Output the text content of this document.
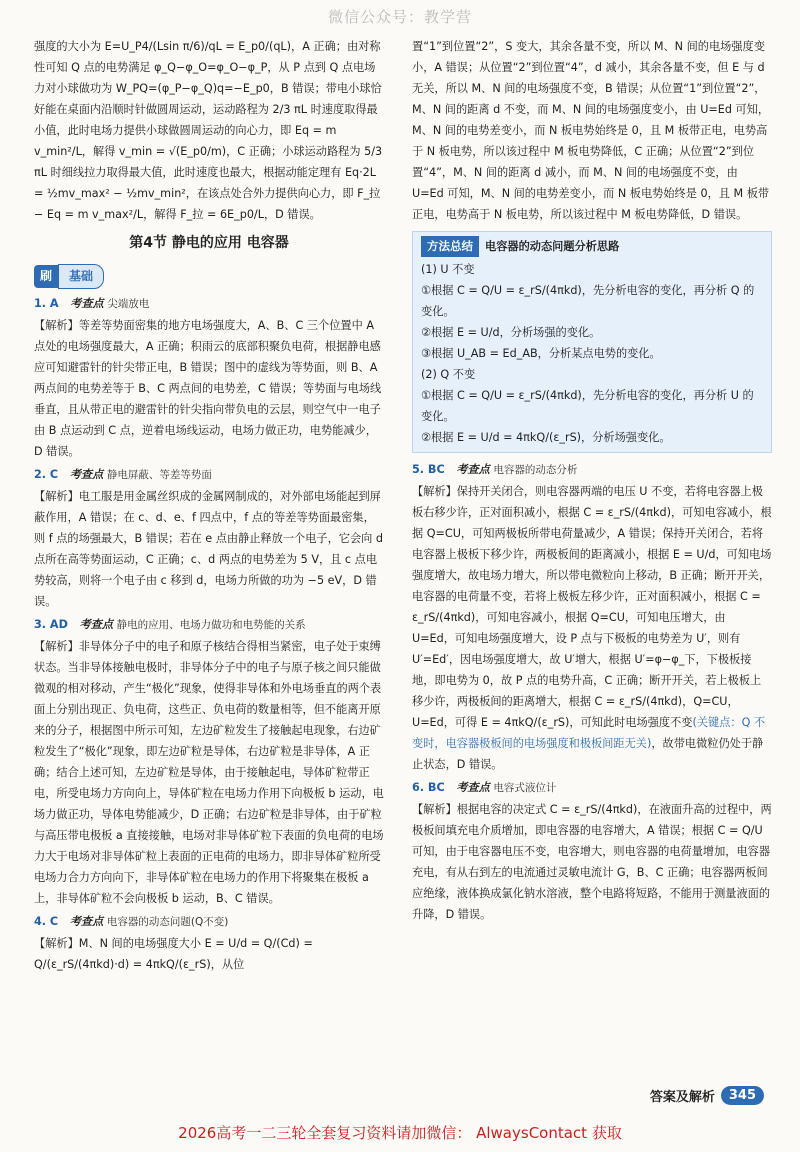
微信公众号：教学营

强度的大小为 E=U_P4/(Lsin π/6)/qL = E_p0/(qL)，A 正确；由对称性可知 Q 点的电势满足 φ_Q−φ_O=φ_O−φ_P，从 P 点到 Q 点电场力对小球做功为 W_PQ=(φ_P−φ_Q)q=−E_p0，B 错误；带电小球恰好能在桌面内沿顺时针做圆周运动，运动路程为 2/3 πL 时速度取得最小值，此时电场力提供小球做圆周运动的向心力，即 Eq = m v_min²/L，解得 v_min = √(E_p0/m)，C 正确；小球运动路程为 5/3 πL 时细线拉力取得最大值，此时速度也最大，根据动能定理有 Eq·2L = ½mv_max² − ½mv_min²，在该点处合外力提供向心力，即 F_拉 − Eq = m v_max²/L，解得 F_拉 = 6E_p0/L，D 错误。

第4节 静电的应用 电容器
刷	基础
1. A 考查点 尖端放电

【解析】等差等势面密集的地方电场强度大，A、B、C 三个位置中 A 点处的电场强度最大，A 正确；积雨云的底部积聚负电荷，根据静电感应可知避雷针的针尖带正电，B 错误；图中的虚线为等势面，则 B、A 两点间的电势差等于 B、C 两点间的电势差，C 错误；等势面与电场线垂直，且从带正电的避雷针的针尖指向带负电的云层，则空气中一电子由 B 点运动到 C 点，逆着电场线运动，电场力做正功，电势能减少，D 错误。

2. C 考查点 静电屏蔽、等差等势面

【解析】电工服是用金属丝织成的金属网制成的，对外部电场能起到屏蔽作用，A 错误；在 c、d、e、f 四点中，f 点的等差等势面最密集，则 f 点的场强最大，B 错误；若在 e 点由静止释放一个电子，它会向 d 点所在高等势面运动，C 正确；c、d 两点的电势差为 5 V，且 c 点电势较高，则将一个电子由 c 移到 d，电场力所做的功为 −5 eV，D 错误。

3. AD 考查点 静电的应用、电场力做功和电势能的关系

【解析】非导体分子中的电子和原子核结合得相当紧密，电子处于束缚状态。当非导体接触电极时，非导体分子中的电子与原子核之间只能做微观的相对移动，产生“极化”现象，使得非导体和外电场垂直的两个表面上分别出现正、负电荷，这些正、负电荷的数量相等，但不能离开原来的分子，根据图中所示可知，左边矿粒发生了接触起电现象，右边矿粒发生了“极化”现象，即左边矿粒是导体，右边矿粒是非导体，A 正确；结合上述可知，左边矿粒是导体，由于接触起电，导体矿粒带正电，所受电场力方向向上，导体矿粒在电场力作用下向极板 b 运动，电场力做正功，导体电势能减少，D 正确；右边矿粒是非导体，由于矿粒与高压带电极板 a 直接接触，电场对非导体矿粒下表面的负电荷的电场力大于电场对非导体矿粒上表面的正电荷的电场力，即非导体矿粒所受电场力合力方向向下，非导体矿粒在电场力的作用下将聚集在极板 a 上，非导体矿粒不会向极板 b 运动，B、C 错误。

4. C 考查点 电容器的动态问题(Q不变)

【解析】M、N 间的电场强度大小 E = U/d = Q/(Cd) = Q/(ε_rS/(4πkd)·d) = 4πkQ/(ε_rS)，从位

置“1”到位置“2”，S 变大，其余各量不变，所以 M、N 间的电场强度变小，A 错误；从位置“2”到位置“4”，d 减小，其余各量不变，但 E 与 d 无关，所以 M、N 间的电场强度不变，B 错误；从位置“1”到位置“2”，M、N 间的距离 d 不变，而 M、N 间的电场强度变小，由 U=Ed 可知，M、N 间的电势差变小，而 N 板电势始终是 0，且 M 板带正电，电势高于 N 板电势，所以该过程中 M 板电势降低，C 正确；从位置“2”到位置“4”，M、N 间的距离 d 减小，而 M、N 间的电场强度不变，由 U=Ed 可知，M、N 间的电势差变小，而 N 板电势始终是 0，且 M 板带正电，电势高于 N 板电势，所以该过程中 M 板电势降低，D 错误。

方法总结	电容器的动态问题分析思路
(1) U 不变
①根据 C = Q/U = ε_rS/(4πkd)，先分析电容的变化，再分析 Q 的变化。
②根据 E = U/d，分析场强的变化。
③根据 U_AB = Ed_AB，分析某点电势的变化。
(2) Q 不变
①根据 C = Q/U = ε_rS/(4πkd)，先分析电容的变化，再分析 U 的变化。
②根据 E = U/d = 4πkQ/(ε_rS)，分析场强变化。
5. BC 考查点 电容器的动态分析

【解析】保持开关闭合，则电容器两端的电压 U 不变，若将电容器上极板右移少许，正对面积减小，根据 C = ε_rS/(4πkd)，可知电容减小，根据 Q=CU，可知两极板所带电荷量减少，A 错误；保持开关闭合，若将电容器上极板下移少许，两极板间的距离减小，根据 E = U/d，可知电场强度增大，故电场力增大，所以带电微粒向上移动，B 正确；断开开关，电容器的电荷量不变，若将上极板左移少许，正对面积减小，根据 C = ε_rS/(4πkd)，可知电容减小，根据 Q=CU，可知电压增大，由 U=Ed，可知电场强度增大，设 P 点与下极板的电势差为 U′，则有 U′=Ed′，因电场强度增大，故 U′增大，根据 U′=φ−φ_下，下极板接地，即电势为 0，故 P 点的电势升高，C 正确；断开开关，若上极板上移少许，两极板间的距离增大，根据 C = ε_rS/(4πkd)，Q=CU，U=Ed，可得 E = 4πkQ/(ε_rS)，可知此时电场强度不变(关键点：Q 不变时，电容器极板间的电场强度和极板间距无关)，故带电微粒仍处于静止状态，D 错误。

6. BC 考查点 电容式液位计

【解析】根据电容的决定式 C = ε_rS/(4πkd)，在液面升高的过程中，两极板间填充电介质增加，即电容器的电容增大，A 错误；根据 C = Q/U 可知，由于电容器电压不变，电容增大，则电容器的电荷量增加，电容器充电，有从右到左的电流通过灵敏电流计 G，B、C 正确；电容器两板间应绝缘，液体换成氯化钠水溶液，整个电路将短路，不能用于测量液面的升降，D 错误。

答案及解析	345
2026高考一二三轮全套复习资料请加微信： AlwaysContact 获取
